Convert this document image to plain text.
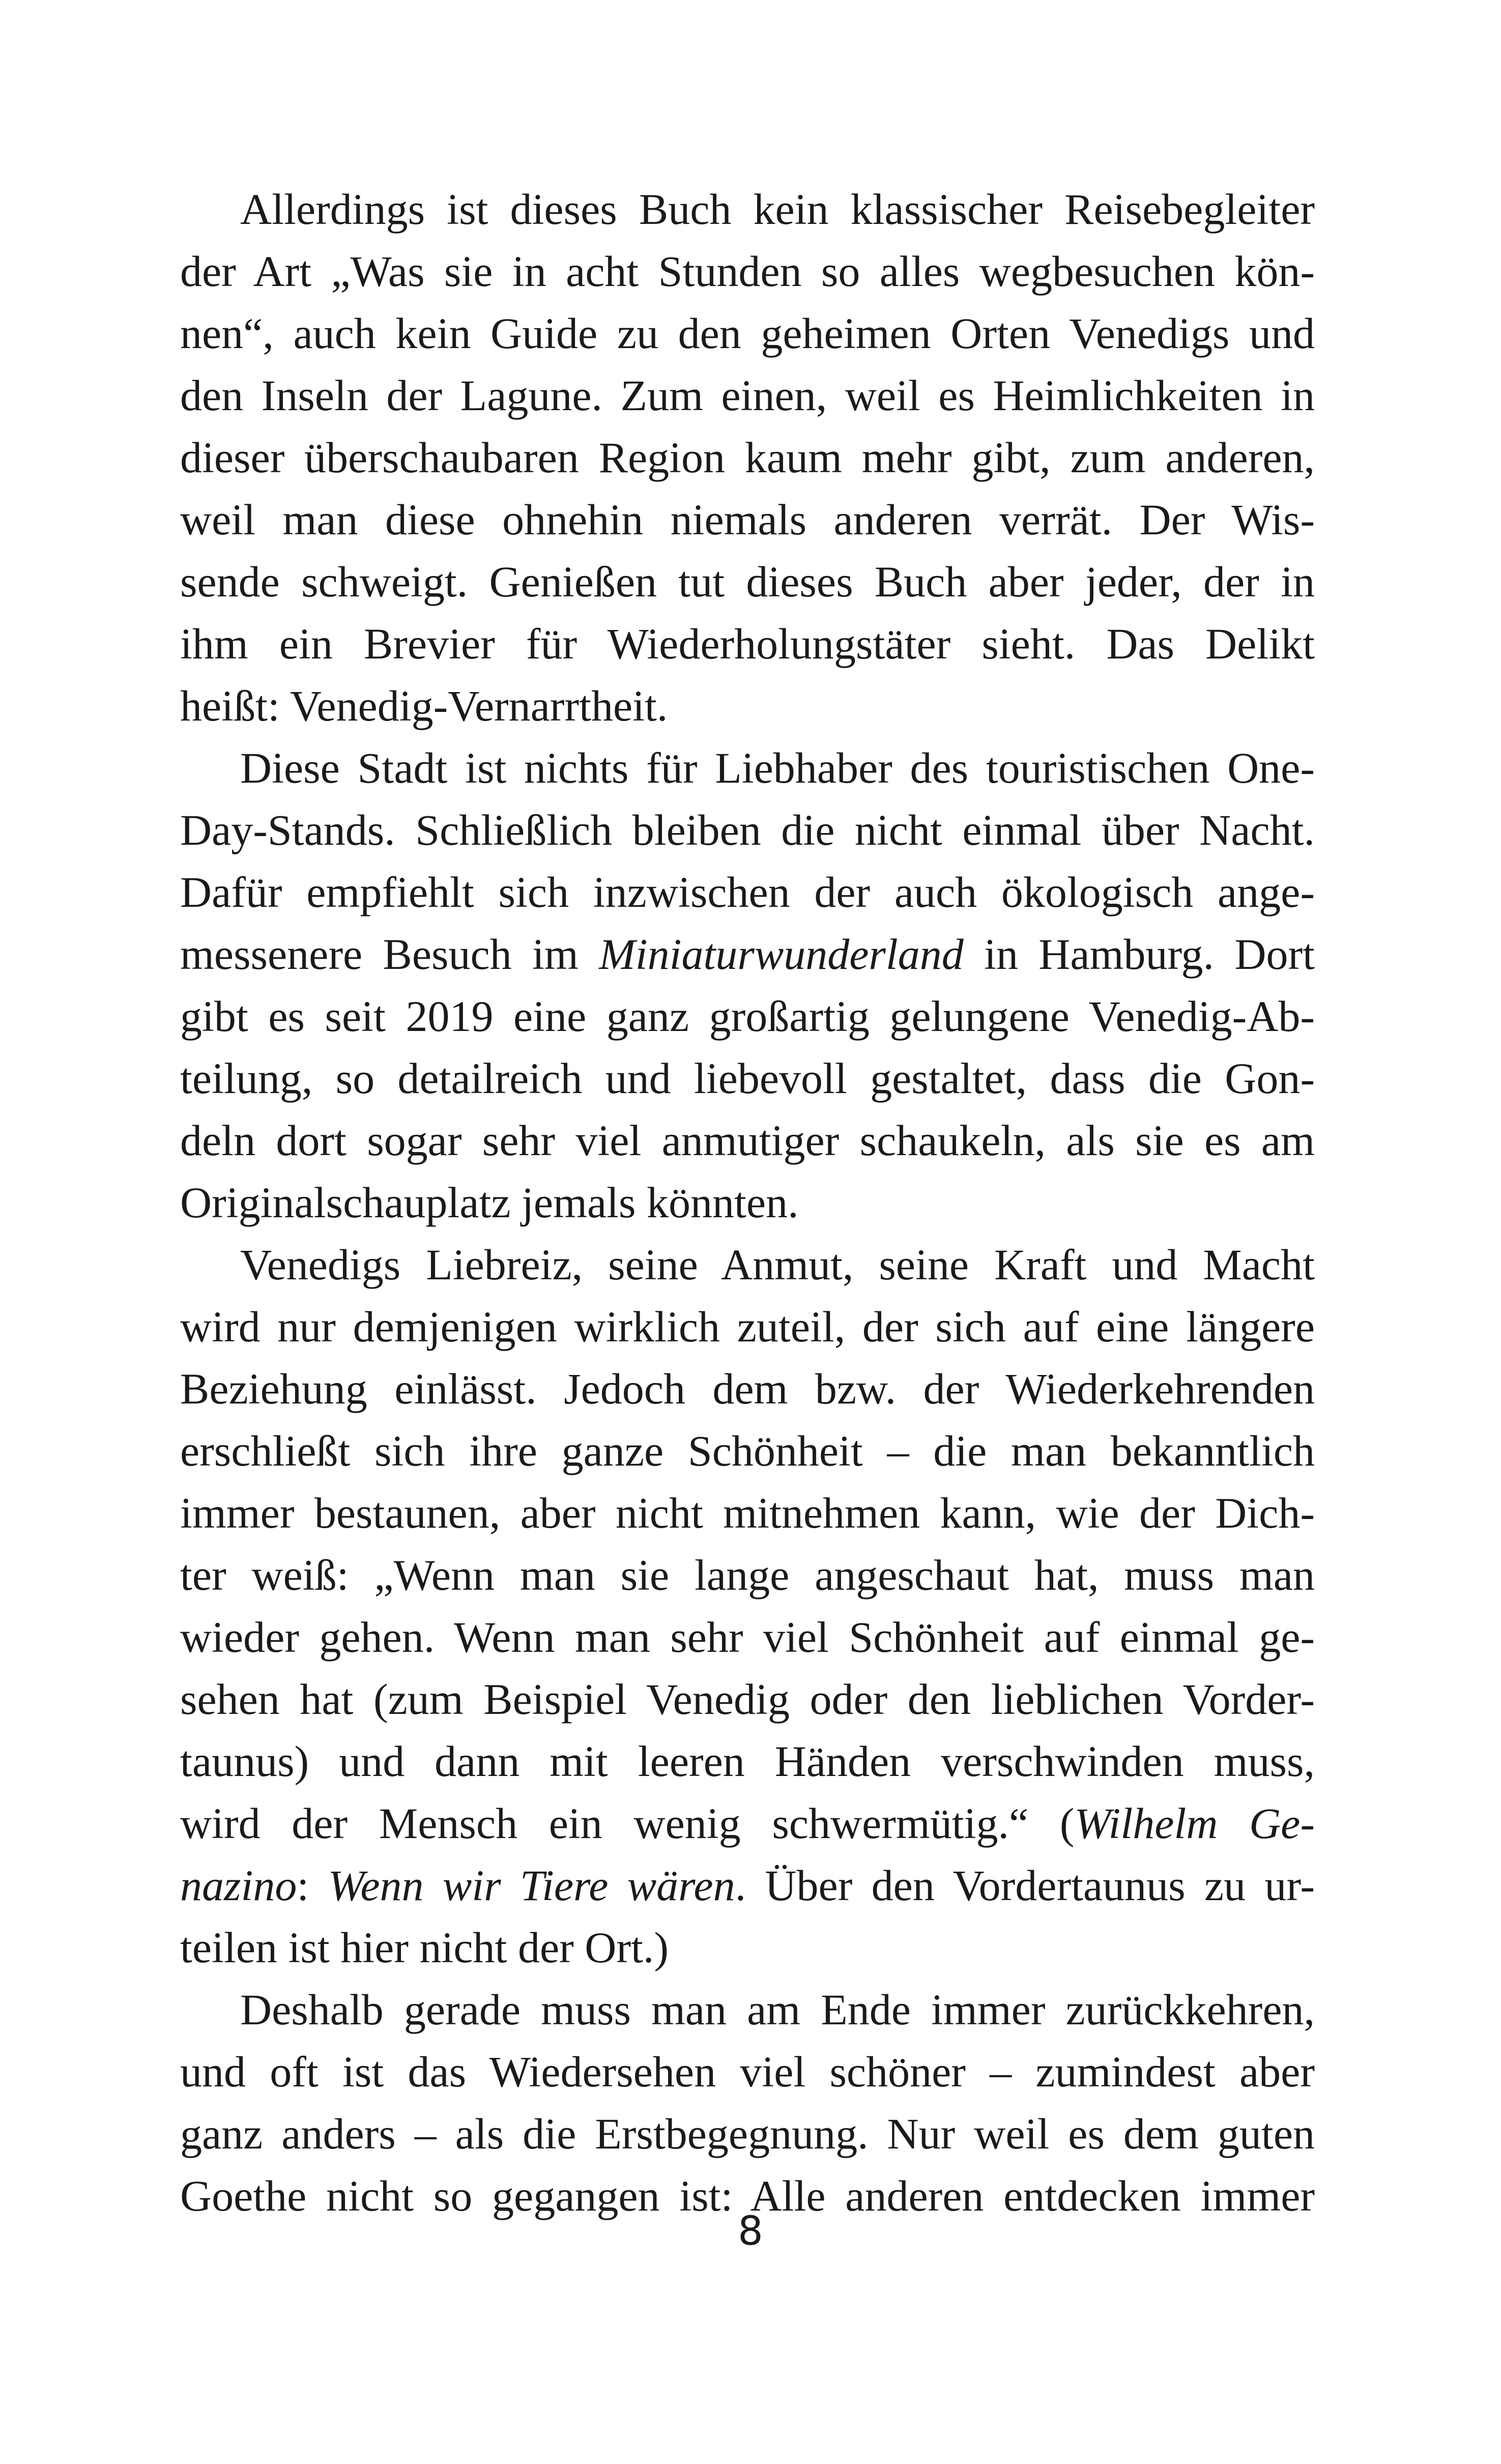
Allerdings ist dieses Buch kein klassischer Reisebegleiter
der Art „Was sie in acht Stunden so alles wegbesuchen kön-
nen“, auch kein Guide zu den geheimen Orten Venedigs und
den Inseln der Lagune. Zum einen, weil es Heimlichkeiten in
dieser überschaubaren Region kaum mehr gibt, zum anderen,
weil man diese ohnehin niemals anderen verrät. Der Wis-
sende schweigt. Genießen tut dieses Buch aber jeder, der in
ihm ein Brevier für Wiederholungstäter sieht. Das Delikt
heißt: Venedig-Vernarrtheit.
Diese Stadt ist nichts für Liebhaber des touristischen One-
Day-Stands. Schließlich bleiben die nicht einmal über Nacht.
Dafür empfiehlt sich inzwischen der auch ökologisch ange-
messenere Besuch im Miniaturwunderland in Hamburg. Dort
gibt es seit 2019 eine ganz großartig gelungene Venedig-Ab-
teilung, so detailreich und liebevoll gestaltet, dass die Gon-
deln dort sogar sehr viel anmutiger schaukeln, als sie es am
Originalschauplatz jemals könnten.
Venedigs Liebreiz, seine Anmut, seine Kraft und Macht
wird nur demjenigen wirklich zuteil, der sich auf eine längere
Beziehung einlässt. Jedoch dem bzw. der Wiederkehrenden
erschließt sich ihre ganze Schönheit – die man bekanntlich
immer bestaunen, aber nicht mitnehmen kann, wie der Dich-
ter weiß: „Wenn man sie lange angeschaut hat, muss man
wieder gehen. Wenn man sehr viel Schönheit auf einmal ge-
sehen hat (zum Beispiel Venedig oder den lieblichen Vorder-
taunus) und dann mit leeren Händen verschwinden muss,
wird der Mensch ein wenig schwermütig.“ (Wilhelm Ge-
nazino: Wenn wir Tiere wären. Über den Vordertaunus zu ur-
teilen ist hier nicht der Ort.)
Deshalb gerade muss man am Ende immer zurückkehren,
und oft ist das Wiedersehen viel schöner – zumindest aber
ganz anders – als die Erstbegegnung. Nur weil es dem guten
Goethe nicht so gegangen ist: Alle anderen entdecken immer
8
